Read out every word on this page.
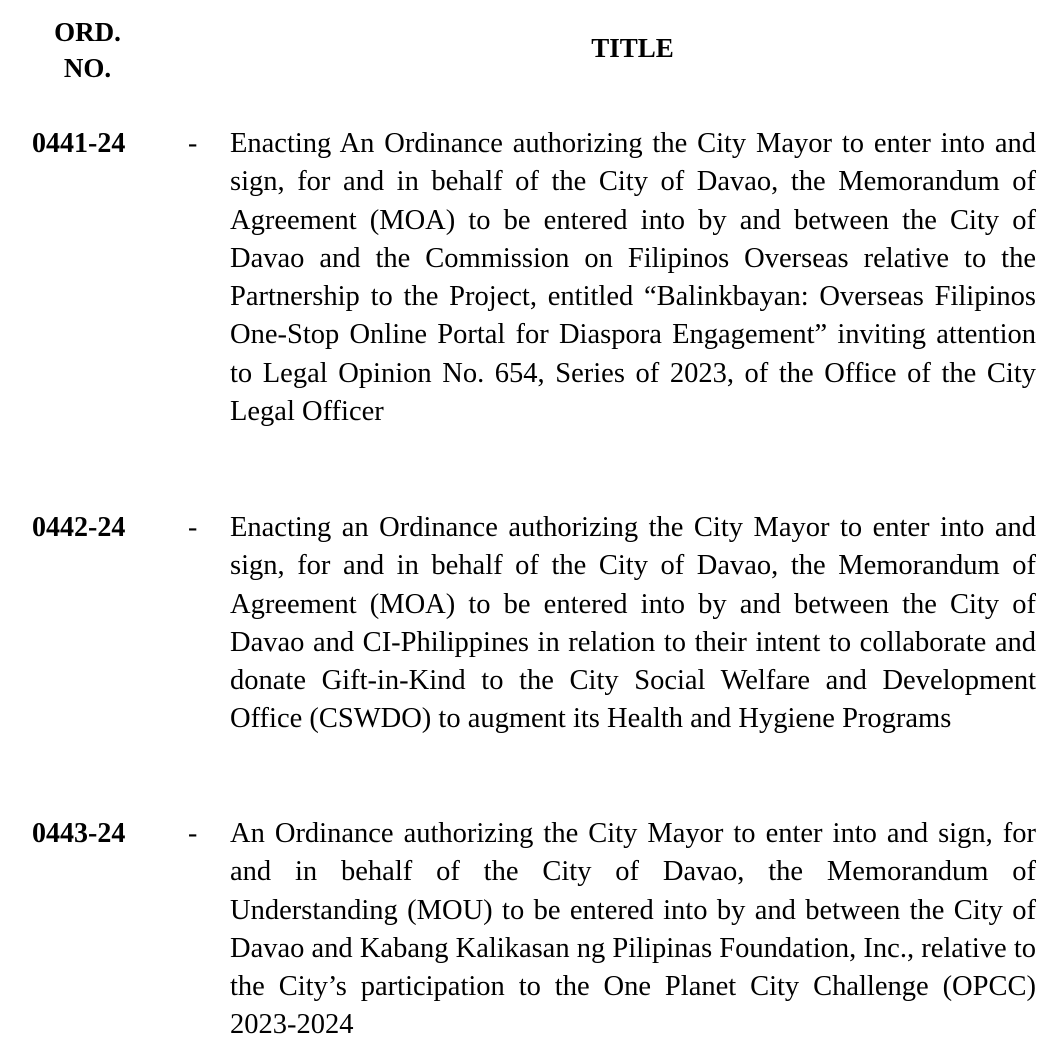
ORD.
NO.
TITLE
0441-24 - Enacting An Ordinance authorizing the City Mayor to enter into and sign, for and in behalf of the City of Davao, the Memorandum of Agreement (MOA) to be entered into by and between the City of Davao and the Commission on Filipinos Overseas relative to the Partnership to the Project, entitled “Balinkbayan: Overseas Filipinos One-Stop Online Portal for Diaspora Engagement” inviting attention to Legal Opinion No. 654, Series of 2023, of the Office of the City Legal Officer
0442-24 - Enacting an Ordinance authorizing the City Mayor to enter into and sign, for and in behalf of the City of Davao, the Memorandum of Agreement (MOA) to be entered into by and between the City of Davao and CI-Philippines in relation to their intent to collaborate and donate Gift-in-Kind to the City Social Welfare and Development Office (CSWDO) to augment its Health and Hygiene Programs
0443-24 - An Ordinance authorizing the City Mayor to enter into and sign, for and in behalf of the City of Davao, the Memorandum of Understanding (MOU) to be entered into by and between the City of Davao and Kabang Kalikasan ng Pilipinas Foundation, Inc., relative to the City’s participation to the One Planet City Challenge (OPCC) 2023-2024
